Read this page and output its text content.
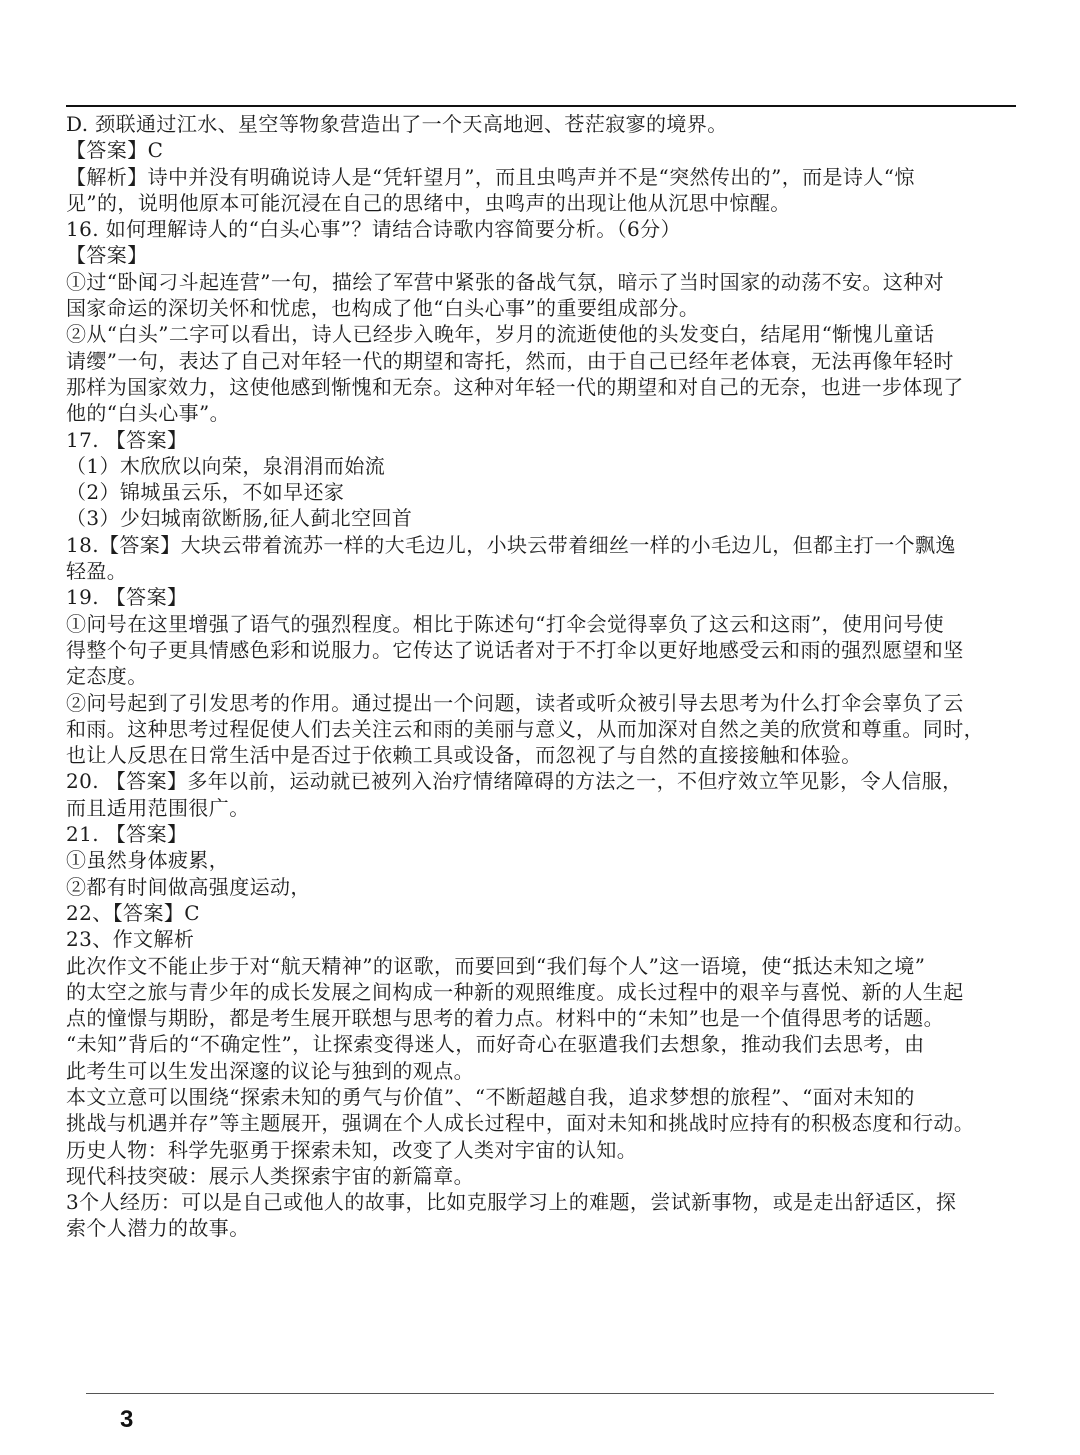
D. 颈联通过江水、星空等物象营造出了一个天高地迥、苍茫寂寥的境界。
【答案】C
【解析】诗中并没有明确说诗人是“凭轩望月”，而且虫鸣声并不是“突然传出的”，而是诗人“惊
见”的，说明他原本可能沉浸在自己的思绪中，虫鸣声的出现让他从沉思中惊醒。
16. 如何理解诗人的“白头心事”？请结合诗歌内容简要分析。（6分）
【答案】
①过“卧闻刁斗起连营”一句，描绘了军营中紧张的备战气氛，暗示了当时国家的动荡不安。这种对
国家命运的深切关怀和忧虑，也构成了他“白头心事”的重要组成部分。
②从“白头”二字可以看出，诗人已经步入晚年，岁月的流逝使他的头发变白，结尾用“惭愧儿童话
请缨”一句，表达了自己对年轻一代的期望和寄托，然而，由于自己已经年老体衰，无法再像年轻时
那样为国家效力，这使他感到惭愧和无奈。这种对年轻一代的期望和对自己的无奈，也进一步体现了
他的“白头心事”。
17. 【答案】
（1）木欣欣以向荣，泉涓涓而始流
（2）锦城虽云乐，不如早还家
（3）少妇城南欲断肠,征人蓟北空回首
18.【答案】大块云带着流苏一样的大毛边儿，小块云带着细丝一样的小毛边儿，但都主打一个飘逸
轻盈。
19. 【答案】
①问号在这里增强了语气的强烈程度。相比于陈述句“打伞会觉得辜负了这云和这雨”，使用问号使
得整个句子更具情感色彩和说服力。它传达了说话者对于不打伞以更好地感受云和雨的强烈愿望和坚
定态度。
②问号起到了引发思考的作用。通过提出一个问题，读者或听众被引导去思考为什么打伞会辜负了云
和雨。这种思考过程促使人们去关注云和雨的美丽与意义，从而加深对自然之美的欣赏和尊重。同时，
也让人反思在日常生活中是否过于依赖工具或设备，而忽视了与自然的直接接触和体验。
20. 【答案】多年以前，运动就已被列入治疗情绪障碍的方法之一，不但疗效立竿见影，令人信服，
而且适用范围很广。
21. 【答案】
①虽然身体疲累，
②都有时间做高强度运动，
22、【答案】C
23、作文解析
此次作文不能止步于对“航天精神”的讴歌，而要回到“我们每个人”这一语境，使“抵达未知之境”
的太空之旅与青少年的成长发展之间构成一种新的观照维度。成长过程中的艰辛与喜悦、新的人生起
点的憧憬与期盼，都是考生展开联想与思考的着力点。材料中的“未知”也是一个值得思考的话题。
“未知”背后的“不确定性”，让探索变得迷人，而好奇心在驱遣我们去想象，推动我们去思考，由
此考生可以生发出深邃的议论与独到的观点。
本文立意可以围绕“探索未知的勇气与价值”、“不断超越自我，追求梦想的旅程”、“面对未知的
挑战与机遇并存”等主题展开，强调在个人成长过程中，面对未知和挑战时应持有的积极态度和行动。
历史人物：科学先驱勇于探索未知，改变了人类对宇宙的认知。
现代科技突破：展示人类探索宇宙的新篇章。
3个人经历：可以是自己或他人的故事，比如克服学习上的难题，尝试新事物，或是走出舒适区，探
索个人潜力的故事。
3
